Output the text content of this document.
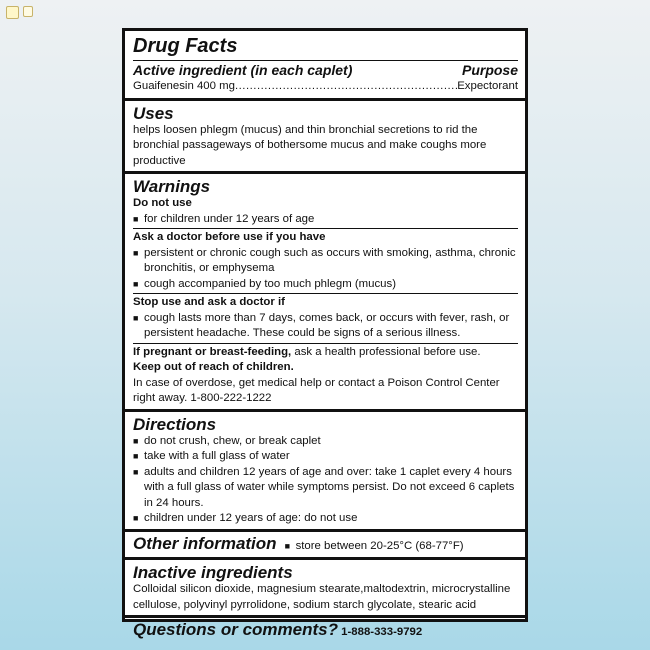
Drug Facts
Active ingredient (in each caplet)	Purpose
Guaifenesin 400 mg
.....	Expectorant
Uses
helps loosen phlegm (mucus) and thin bronchial secretions to rid the bronchial passageways of bothersome mucus and make coughs more productive
Warnings
Do not use
■ for children under 12 years of age
Ask a doctor before use if you have
■ persistent or chronic cough such as occurs with smoking, asthma, chronic bronchitis, or emphysema
■ cough accompanied by too much phlegm (mucus)
Stop use and ask a doctor if
■ cough lasts more than 7 days, comes back, or occurs with fever, rash, or persistent headache. These could be signs of a serious illness.
If pregnant or breast-feeding, ask a health professional before use.
Keep out of reach of children.
In case of overdose, get medical help or contact a Poison Control Center right away. 1-800-222-1222
Directions
■ do not crush, chew, or break caplet
■ take with a full glass of water
■ adults and children 12 years of age and over: take 1 caplet every 4 hours with a full glass of water while symptoms persist. Do not exceed 6 caplets in 24 hours.
■ children under 12 years of age: do not use
Other information ■ store between 20-25°C (68-77°F)
Inactive ingredients
Colloidal silicon dioxide, magnesium stearate,maltodextrin, microcrystalline cellulose, polyvinyl pyrrolidone, sodium starch glycolate, stearic acid
Questions or comments? 1-888-333-9792
